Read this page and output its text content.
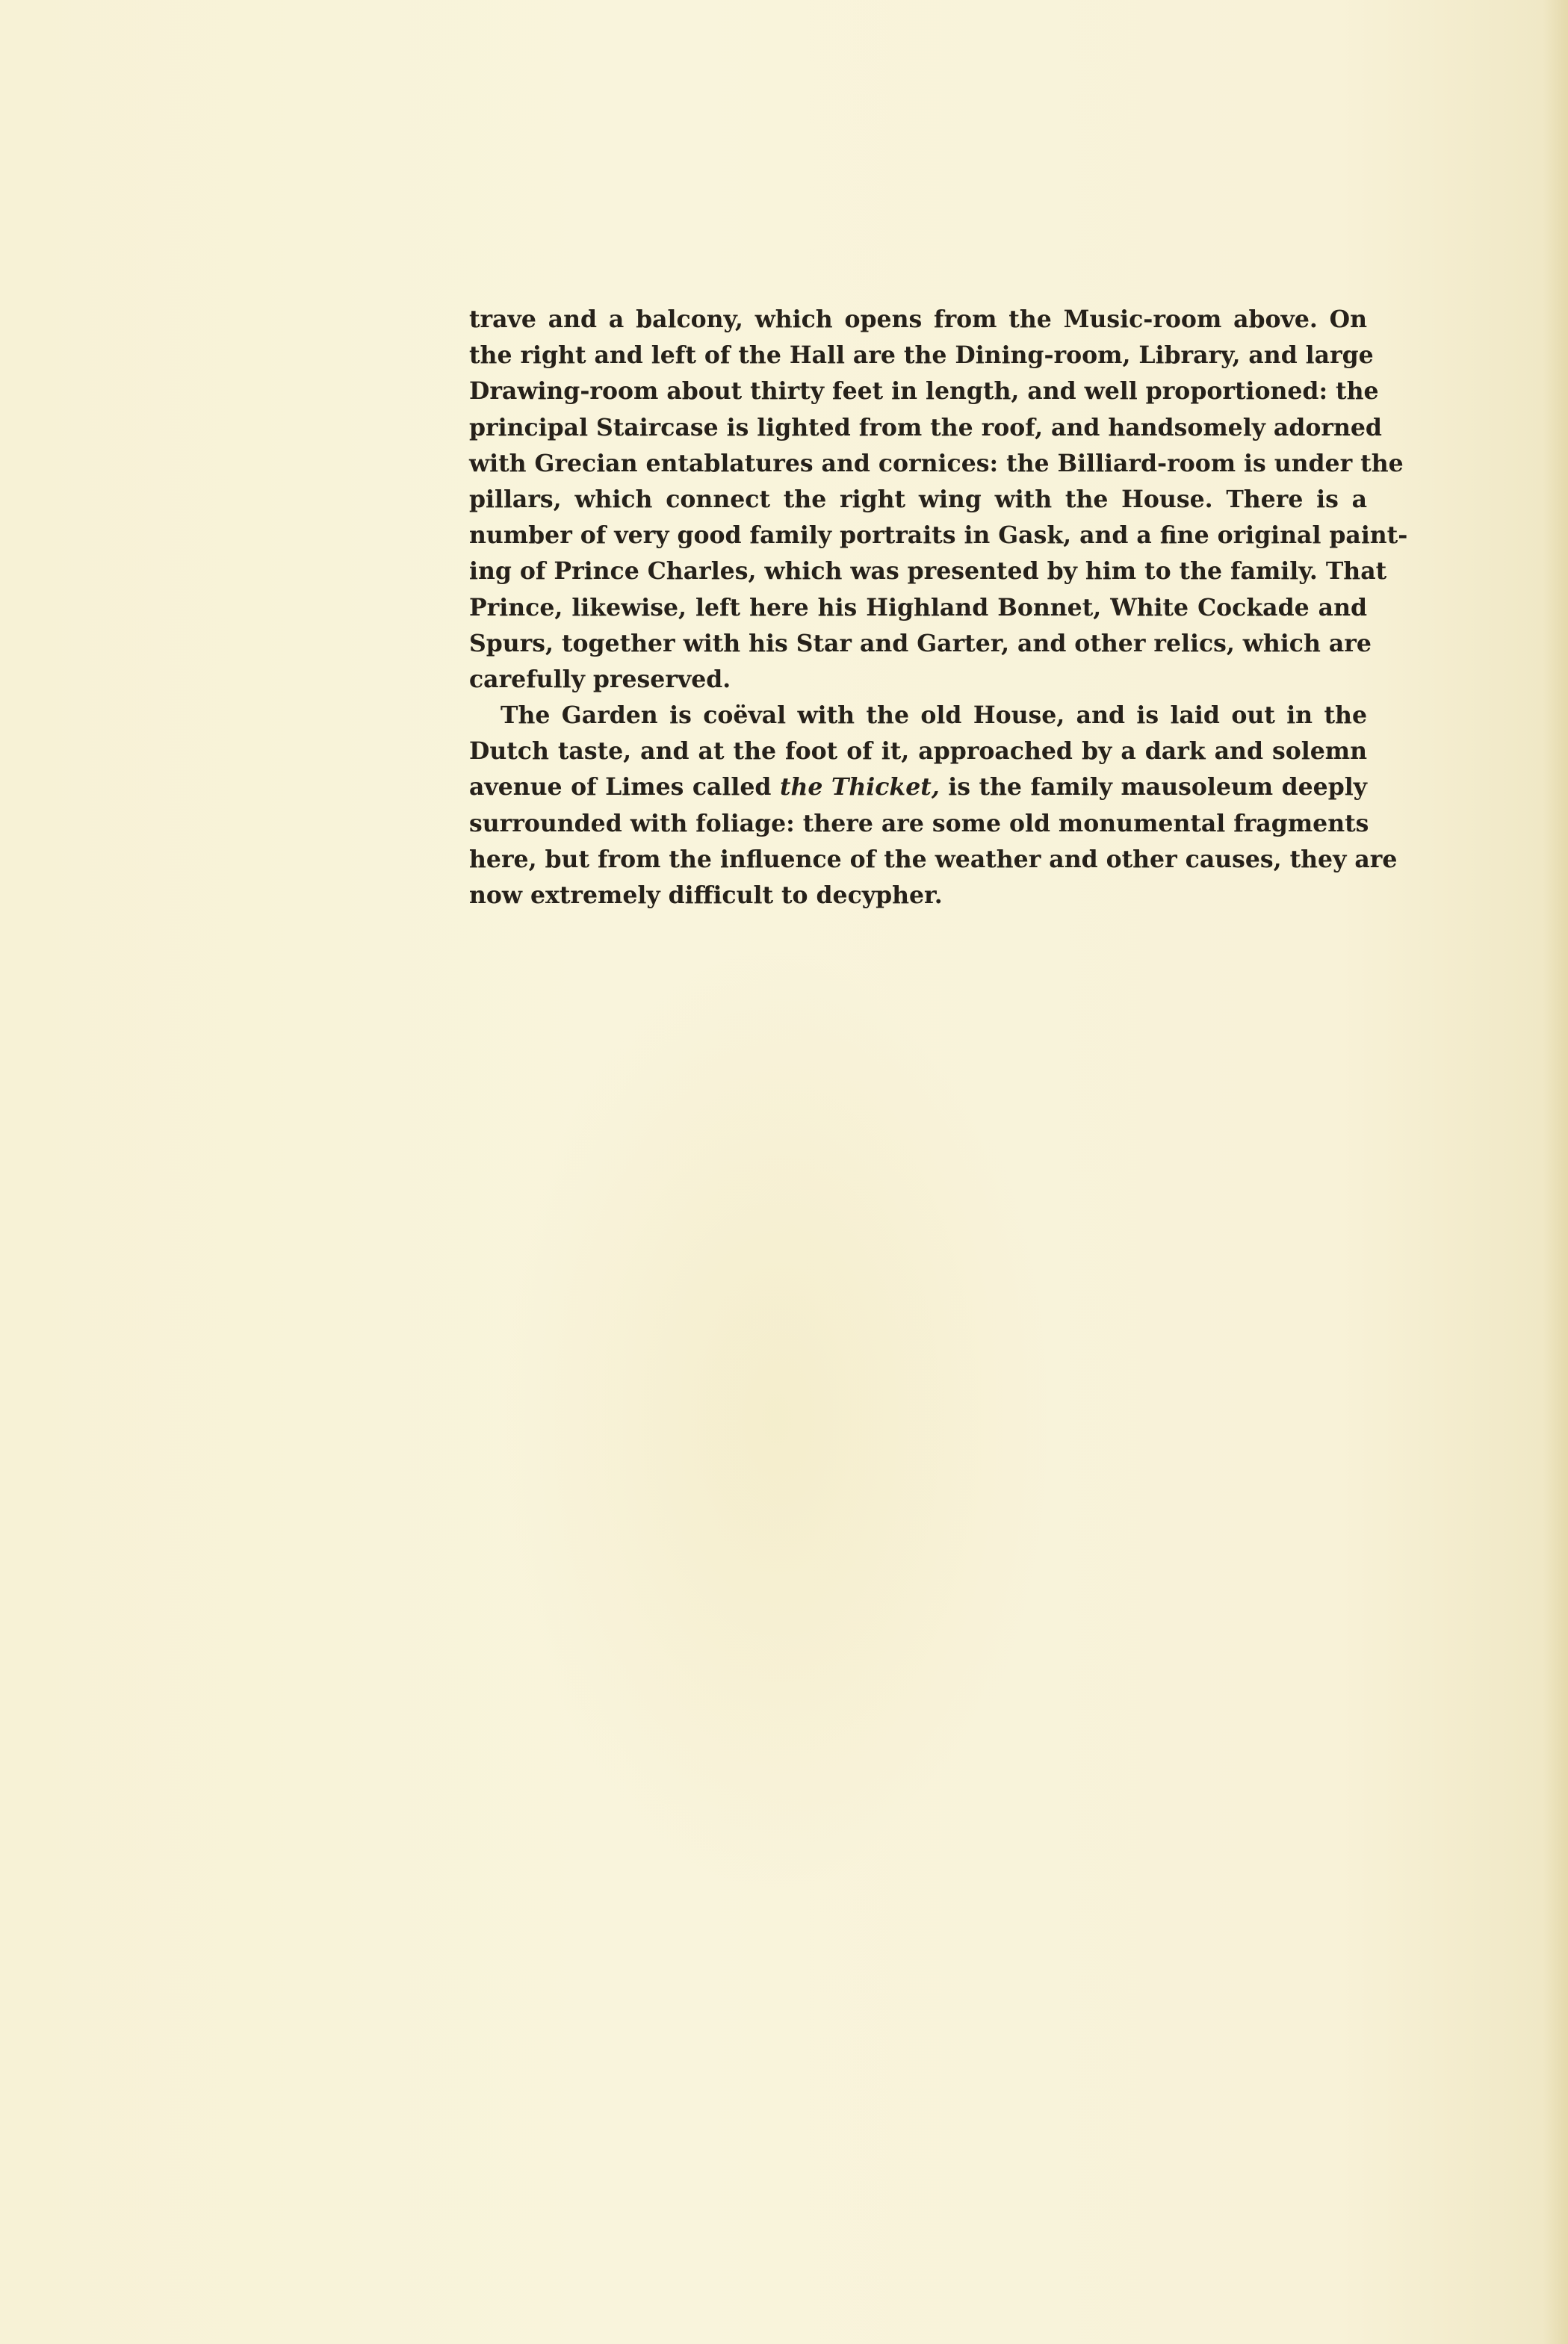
trave and a balcony, which opens from the Music-room above. On
the right and left of the Hall are the Dining-room, Library, and large
Drawing-room about thirty feet in length, and well proportioned: the
principal Staircase is lighted from the roof, and handsomely adorned
with Grecian entablatures and cornices: the Billiard-room is under the
pillars, which connect the right wing with the House. There is a
number of very good family portraits in Gask, and a fine original paint-
ing of Prince Charles, which was presented by him to the family. That
Prince, likewise, left here his Highland Bonnet, White Cockade and
Spurs, together with his Star and Garter, and other relics, which are
carefully preserved.
The Garden is coëval with the old House, and is laid out in the
Dutch taste, and at the foot of it, approached by a dark and solemn
avenue of Limes called the Thicket, is the family mausoleum deeply
surrounded with foliage: there are some old monumental fragments
here, but from the influence of the weather and other causes, they are
now extremely difficult to decypher.
